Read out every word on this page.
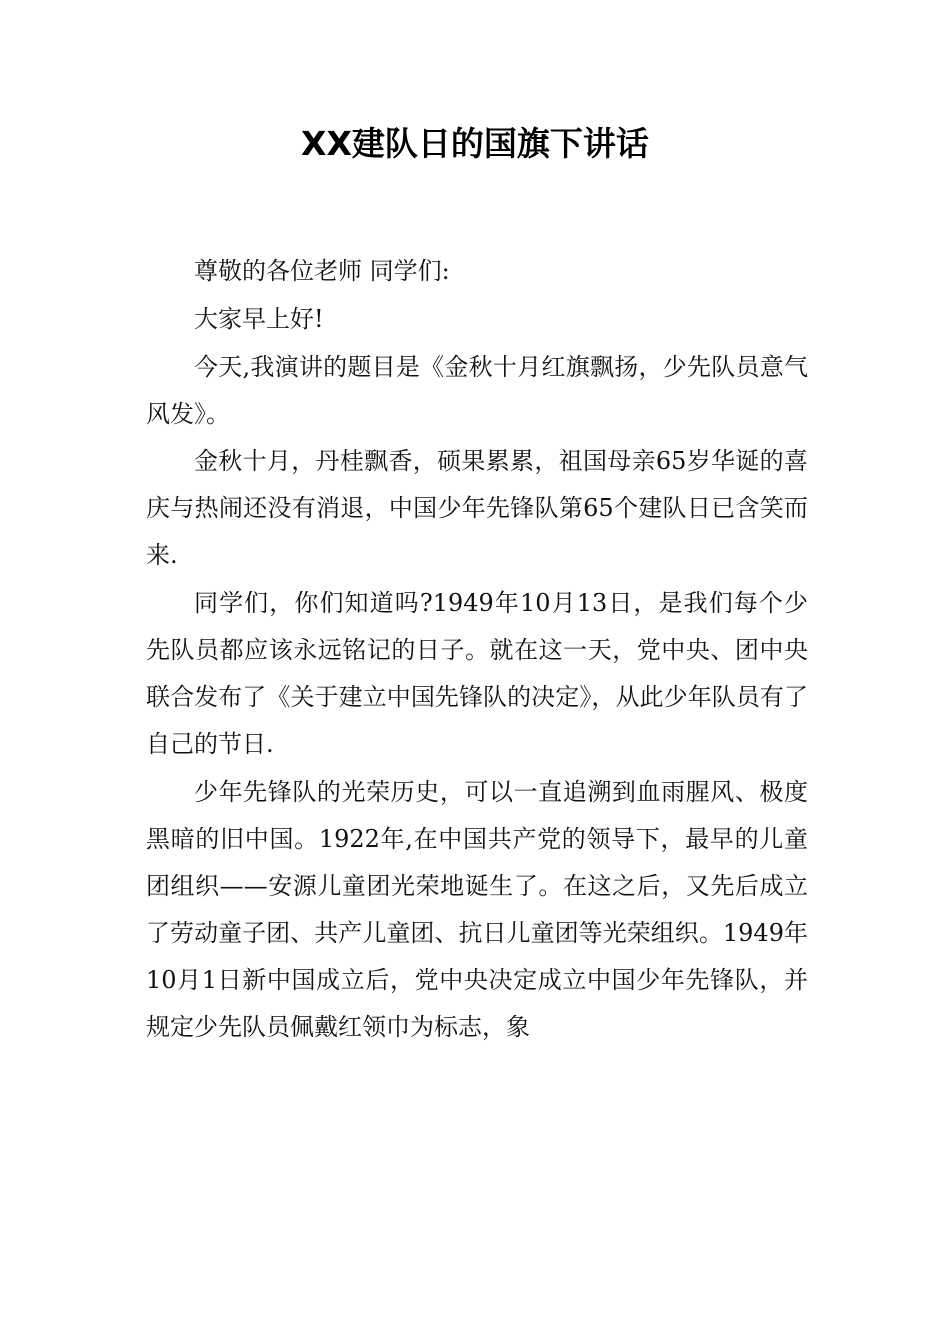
XX建队日的国旗下讲话

尊敬的各位老师 同学们:

大家早上好!

今天,我演讲的题目是《金秋十月红旗飘扬，少先队员意气风发》。

金秋十月，丹桂飘香，硕果累累，祖国母亲65岁华诞的喜庆与热闹还没有消退，中国少年先锋队第65个建队日已含笑而来.

同学们，你们知道吗?1949年10月13日，是我们每个少先队员都应该永远铭记的日子。就在这一天，党中央、团中央联合发布了《关于建立中国先锋队的决定》，从此少年队员有了自己的节日.

少年先锋队的光荣历史，可以一直追溯到血雨腥风、极度黑暗的旧中国。1922年,在中国共产党的领导下，最早的儿童团组织——安源儿童团光荣地诞生了。在这之后，又先后成立了劳动童子团、共产儿童团、抗日儿童团等光荣组织。1949年10月1日新中国成立后，党中央决定成立中国少年先锋队，并规定少先队员佩戴红领巾为标志，象
